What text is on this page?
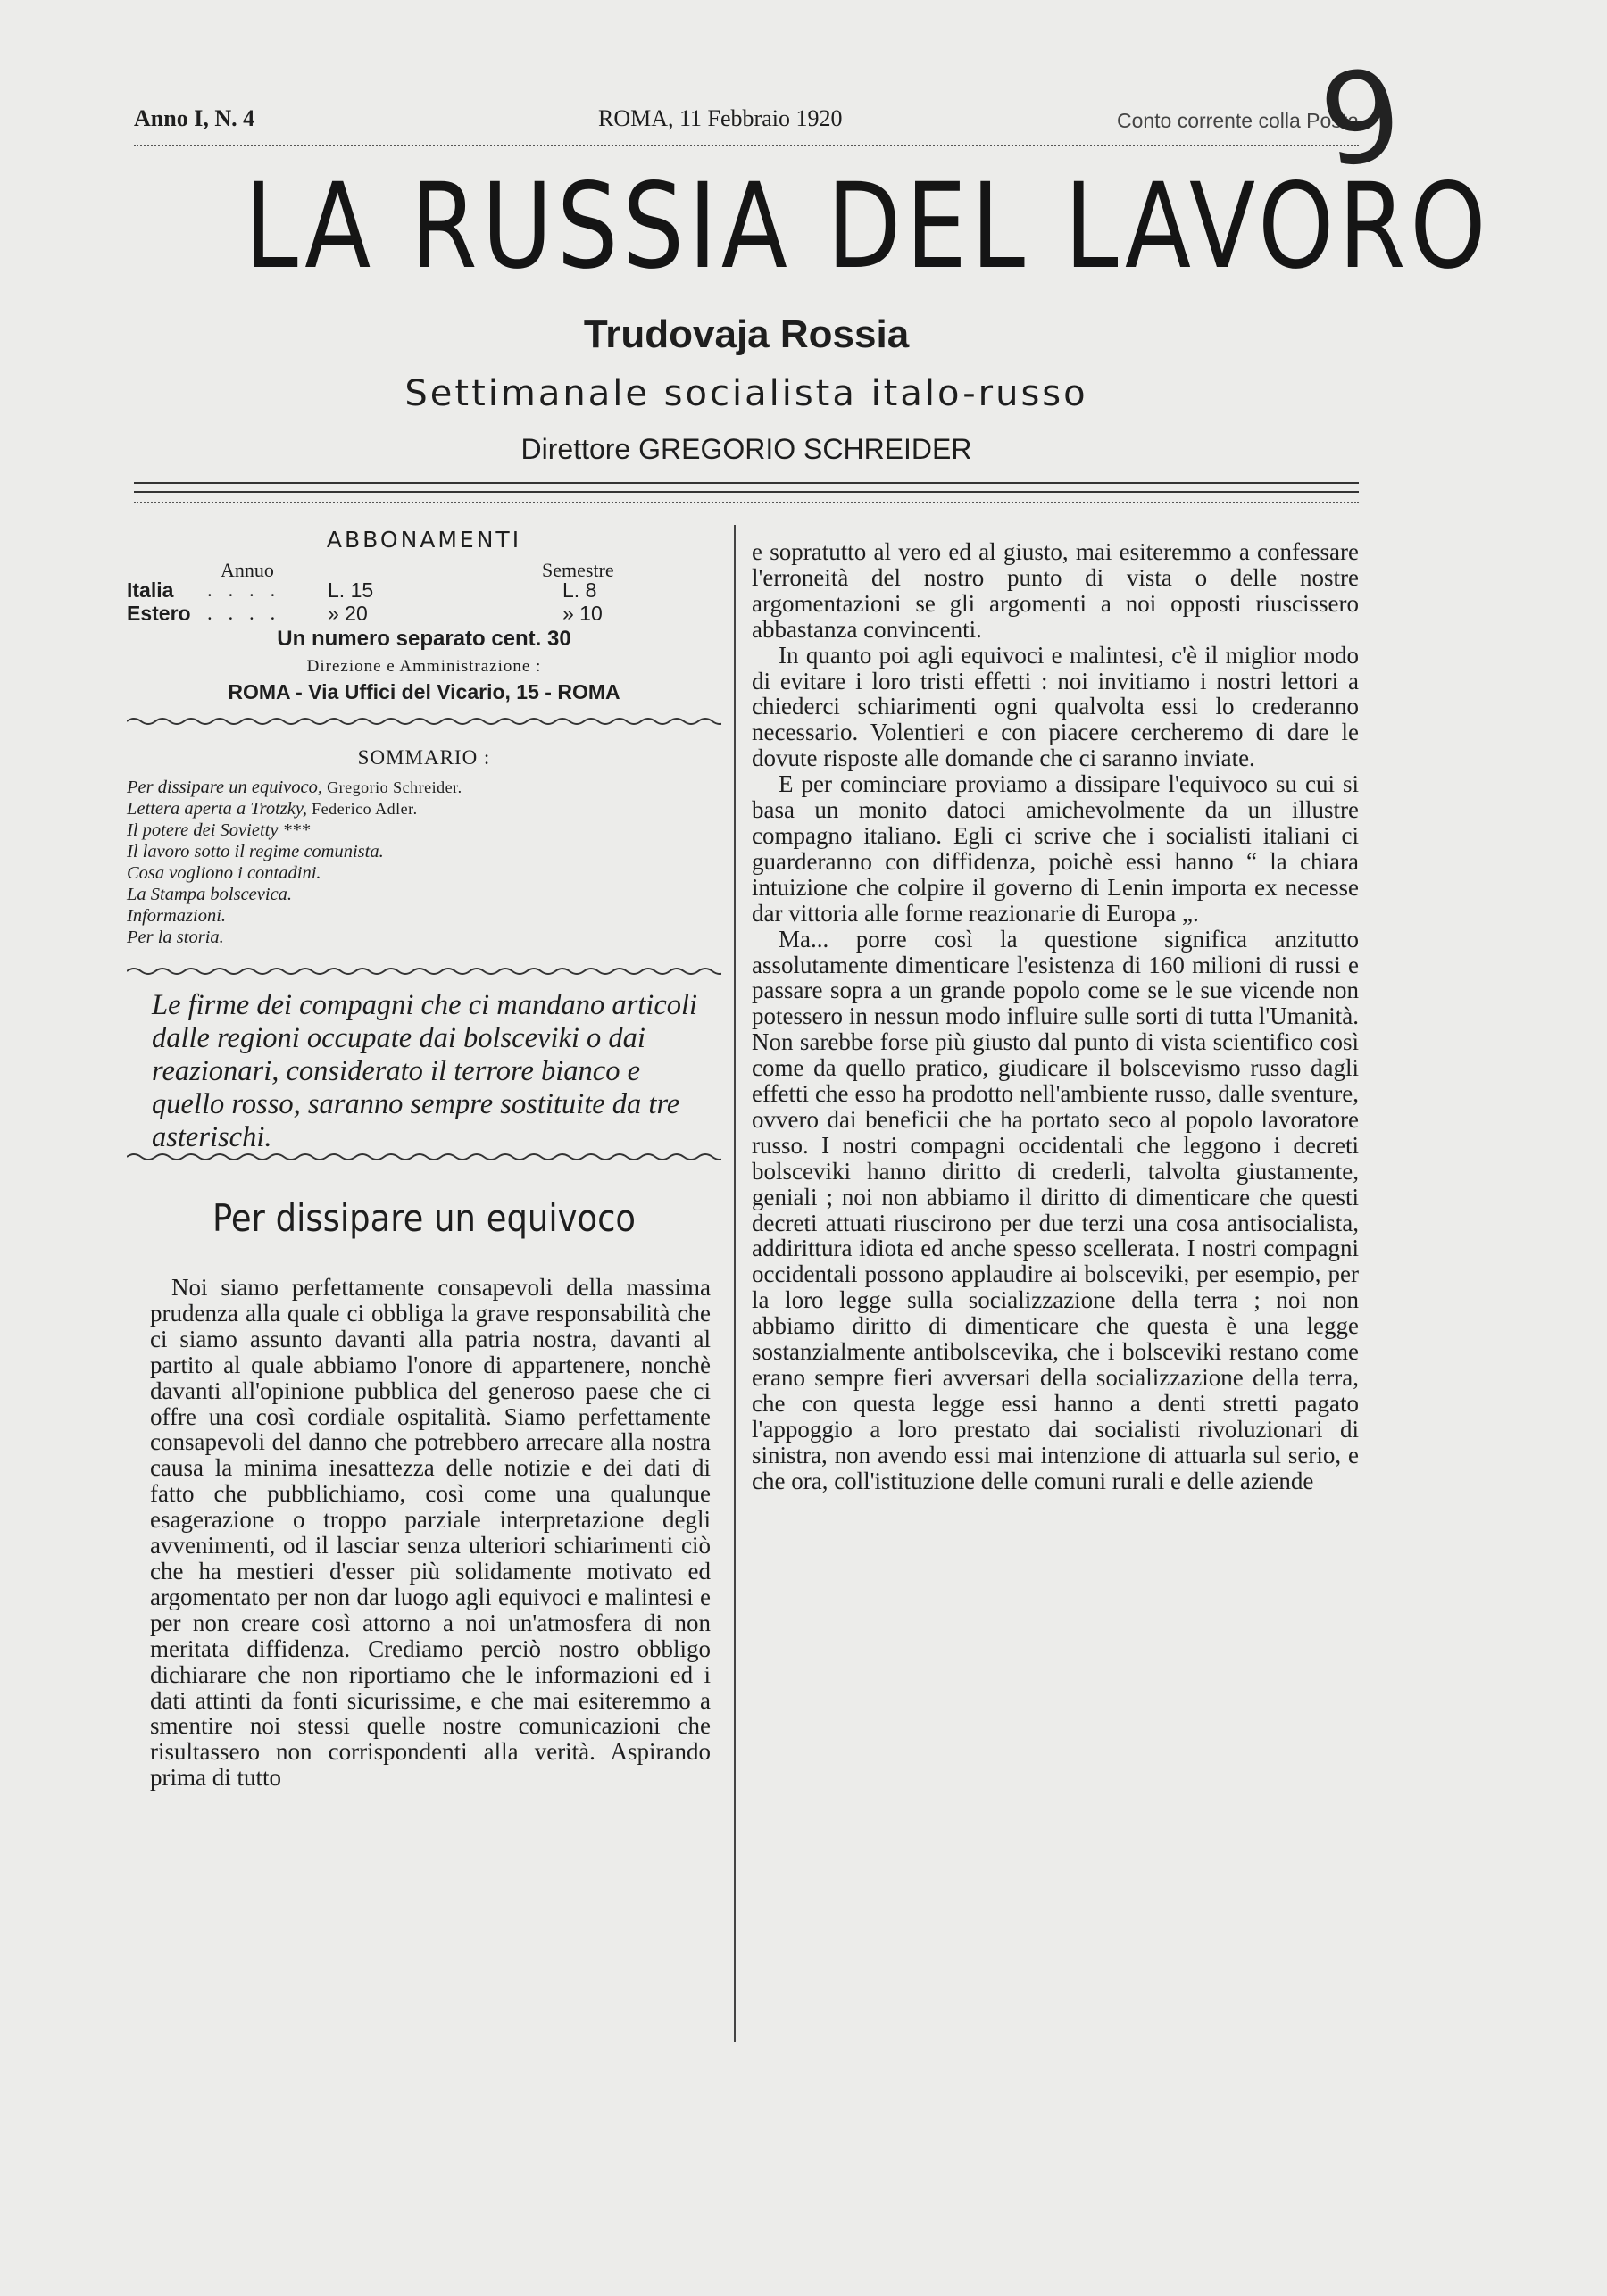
Anno I, N. 4	ROMA, 11 Febbraio 1920	Conto corrente colla Posta
9
LA RUSSIA DEL LAVORO
Trudovaja Rossia
Settimanale socialista italo-russo
Direttore GREGORIO SCHREIDER
ABBONAMENTI
Annuo	Semestre
Italia . . . . L. 15	L. 8
Estero . . . . » 20	» 10
Un numero separato cent. 30
Direzione e Amministrazione :
ROMA - Via Uffici del Vicario, 15 - ROMA
SOMMARIO :
Per dissipare un equivoco, Gregorio Schreider.
Lettera aperta a Trotzky, Federico Adler.
Il potere dei Sovietty ***
Il lavoro sotto il regime comunista.
Cosa vogliono i contadini.
La Stampa bolscevica.
Informazioni.
Per la storia.
Le firme dei compagni che ci mandano articoli dalle regioni occupate dai bolsceviki o dai reazionari, considerato il terrore bianco e quello rosso, saranno sempre sostituite da tre asterischi.
Per dissipare un equivoco

Noi siamo perfettamente consapevoli della massima prudenza alla quale ci obbliga la grave responsabilità che ci siamo assunto davanti alla patria nostra, davanti al partito al quale abbiamo l'onore di appartenere, nonchè davanti all'opinione pubblica del generoso paese che ci offre una così cordiale ospitalità. Siamo perfettamente consapevoli del danno che potrebbero arrecare alla nostra causa la minima inesattezza delle notizie e dei dati di fatto che pubblichiamo, così come una qualunque esagerazione o troppo parziale interpretazione degli avvenimenti, od il lasciar senza ulteriori schiarimenti ciò che ha mestieri d'esser più solidamente motivato ed argomentato per non dar luogo agli equivoci e malintesi e per non creare così attorno a noi un'atmosfera di non meritata diffidenza. Crediamo perciò nostro obbligo dichiarare che non riportiamo che le informazioni ed i dati attinti da fonti sicurissime, e che mai esiteremmo a smentire noi stessi quelle nostre comunicazioni che risultassero non corrispondenti alla verità. Aspirando prima di tutto

e sopratutto al vero ed al giusto, mai esiteremmo a confessare l'erroneità del nostro punto di vista o delle nostre argomentazioni se gli argomenti a noi opposti riuscissero abbastanza convincenti.

In quanto poi agli equivoci e malintesi, c'è il miglior modo di evitare i loro tristi effetti : noi invitiamo i nostri lettori a chiederci schiarimenti ogni qualvolta essi lo crederanno necessario. Volentieri e con piacere cercheremo di dare le dovute risposte alle domande che ci saranno inviate.

E per cominciare proviamo a dissipare l'equivoco su cui si basa un monito datoci amichevolmente da un illustre compagno italiano. Egli ci scrive che i socialisti italiani ci guarderanno con diffidenza, poichè essi hanno “ la chiara intuizione che colpire il governo di Lenin importa ex necesse dar vittoria alle forme reazionarie di Europa „.

Ma... porre così la questione significa anzitutto assolutamente dimenticare l'esistenza di 160 milioni di russi e passare sopra a un grande popolo come se le sue vicende non potessero in nessun modo influire sulle sorti di tutta l'Umanità. Non sarebbe forse più giusto dal punto di vista scientifico così come da quello pratico, giudicare il bolscevismo russo dagli effetti che esso ha prodotto nell'ambiente russo, dalle sventure, ovvero dai beneficii che ha portato seco al popolo lavoratore russo. I nostri compagni occidentali che leggono i decreti bolsceviki hanno diritto di crederli, talvolta giustamente, geniali ; noi non abbiamo il diritto di dimenticare che questi decreti attuati riuscirono per due terzi una cosa antisocialista, addirittura idiota ed anche spesso scellerata. I nostri compagni occidentali possono applaudire ai bolsceviki, per esempio, per la loro legge sulla socializzazione della terra ; noi non abbiamo diritto di dimenticare che questa è una legge sostanzialmente antibolscevika, che i bolsceviki restano come erano sempre fieri avversari della socializzazione della terra, che con questa legge essi hanno a denti stretti pagato l'appoggio a loro prestato dai socialisti rivoluzionari di sinistra, non avendo essi mai intenzione di attuarla sul serio, e che ora, coll'istituzione delle comuni rurali e delle aziende
